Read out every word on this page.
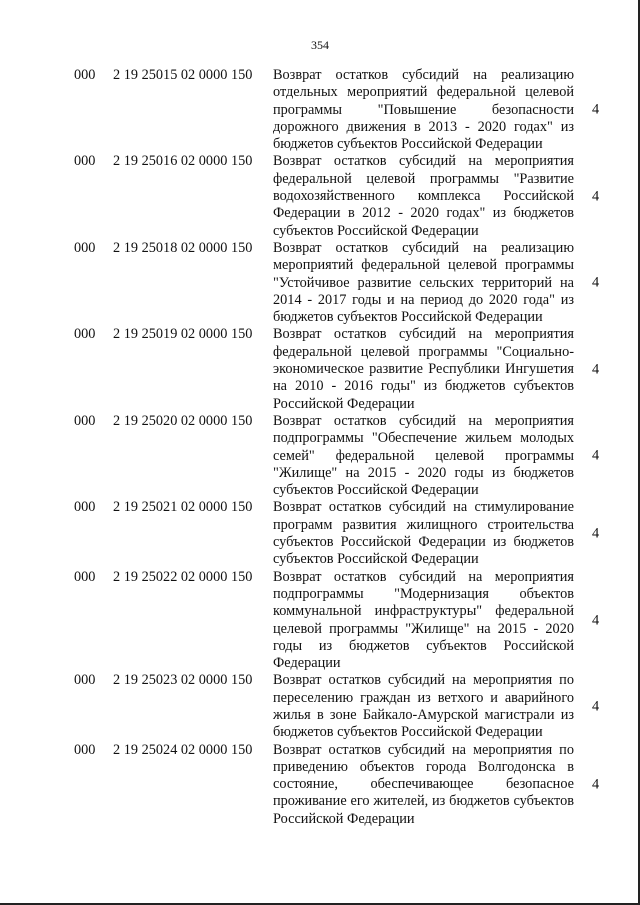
354
000 2 19 25015 02 0000 150 Возврат остатков субсидий на реализацию отдельных мероприятий федеральной целевой программы "Повышение безопасности дорожного движения в 2013 - 2020 годах" из бюджетов субъектов Российской Федерации
4
000 2 19 25016 02 0000 150 Возврат остатков субсидий на мероприятия федеральной целевой программы "Развитие водохозяйственного комплекса Российской Федерации в 2012 - 2020 годах" из бюджетов субъектов Российской Федерации
4
000 2 19 25018 02 0000 150 Возврат остатков субсидий на реализацию мероприятий федеральной целевой программы "Устойчивое развитие сельских территорий на 2014 - 2017 годы и на период до 2020 года" из бюджетов субъектов Российской Федерации
4
000 2 19 25019 02 0000 150 Возврат остатков субсидий на мероприятия федеральной целевой программы "Социально-экономическое развитие Республики Ингушетия на 2010 - 2016 годы" из бюджетов субъектов Российской Федерации
4
000 2 19 25020 02 0000 150 Возврат остатков субсидий на мероприятия подпрограммы "Обеспечение жильем молодых семей" федеральной целевой программы "Жилище" на 2015 - 2020 годы из бюджетов субъектов Российской Федерации
4
000 2 19 25021 02 0000 150 Возврат остатков субсидий на стимулирование программ развития жилищного строительства субъектов Российской Федерации из бюджетов субъектов Российской Федерации
4
000 2 19 25022 02 0000 150 Возврат остатков субсидий на мероприятия подпрограммы "Модернизация объектов коммунальной инфраструктуры" федеральной целевой программы "Жилище" на 2015 - 2020 годы из бюджетов субъектов Российской Федерации
4
000 2 19 25023 02 0000 150 Возврат остатков субсидий на мероприятия по переселению граждан из ветхого и аварийного жилья в зоне Байкало-Амурской магистрали из бюджетов субъектов Российской Федерации
4
000 2 19 25024 02 0000 150 Возврат остатков субсидий на мероприятия по приведению объектов города Волгодонска в состояние, обеспечивающее безопасное проживание его жителей, из бюджетов субъектов Российской Федерации
4
